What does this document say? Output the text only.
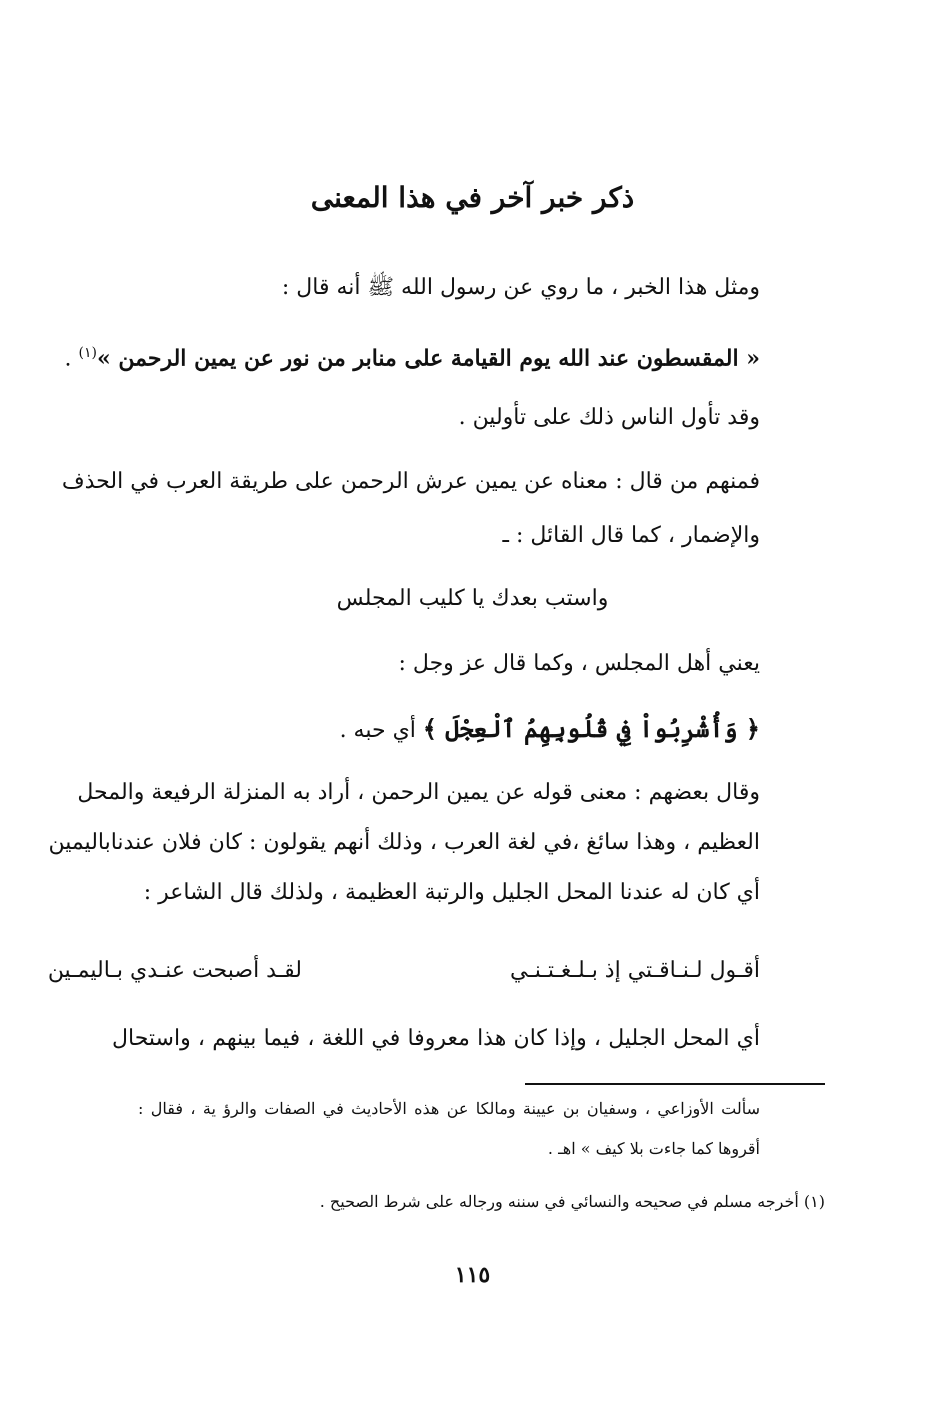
ذكر خبر آخر في هذا المعنى
ومثل هذا الخبر ، ما روي عن رسول الله ﷺ أنه قال :
« المقسطون عند الله يوم القيامة على منابر من نور عن يمين الرحمن »$^{(١)}$ .
وقد تأول الناس ذلك على تأولين .
فمنهم من قال : معناه عن يمين عرش الرحمن على طريقة العرب في الحذف
والإضمار ، كما قال القائل : ـ
واستب بعدك يا كليب المجلس
يعني أهل المجلس ، وكما قال عز وجل :
﴿ وَأُشْرِبُواْ فِي قُلُوبِهِمُ ٱلْعِجْلَ ﴾ أي حبه .
وقال بعضهم : معنى قوله عن يمين الرحمن ، أراد به المنزلة الرفيعة والمحل
العظيم ، وهذا سائغ ،في لغة العرب ، وذلك أنهم يقولون : كان فلان عندناباليمين
أي كان له عندنا المحل الجليل والرتبة العظيمة ، ولذلك قال الشاعر :
أقـول لـنـاقـتي إذ بـلـغـتـنـي
لقـد أصبحت عنـدي بـاليمـين
أي المحل الجليل ، وإذا كان هذا معروفا في اللغة ، فيما بينهم ، واستحال
سألت الأوزاعي ، وسفيان بن عيينة ومالكا عن هذه الأحاديث في الصفات والرؤ ية ، فقال :
أقروها كما جاءت بلا كيف » اهـ .
(١) أخرجه مسلم في صحيحه والنسائي في سننه ورجاله على شرط الصحيح .
١١٥
